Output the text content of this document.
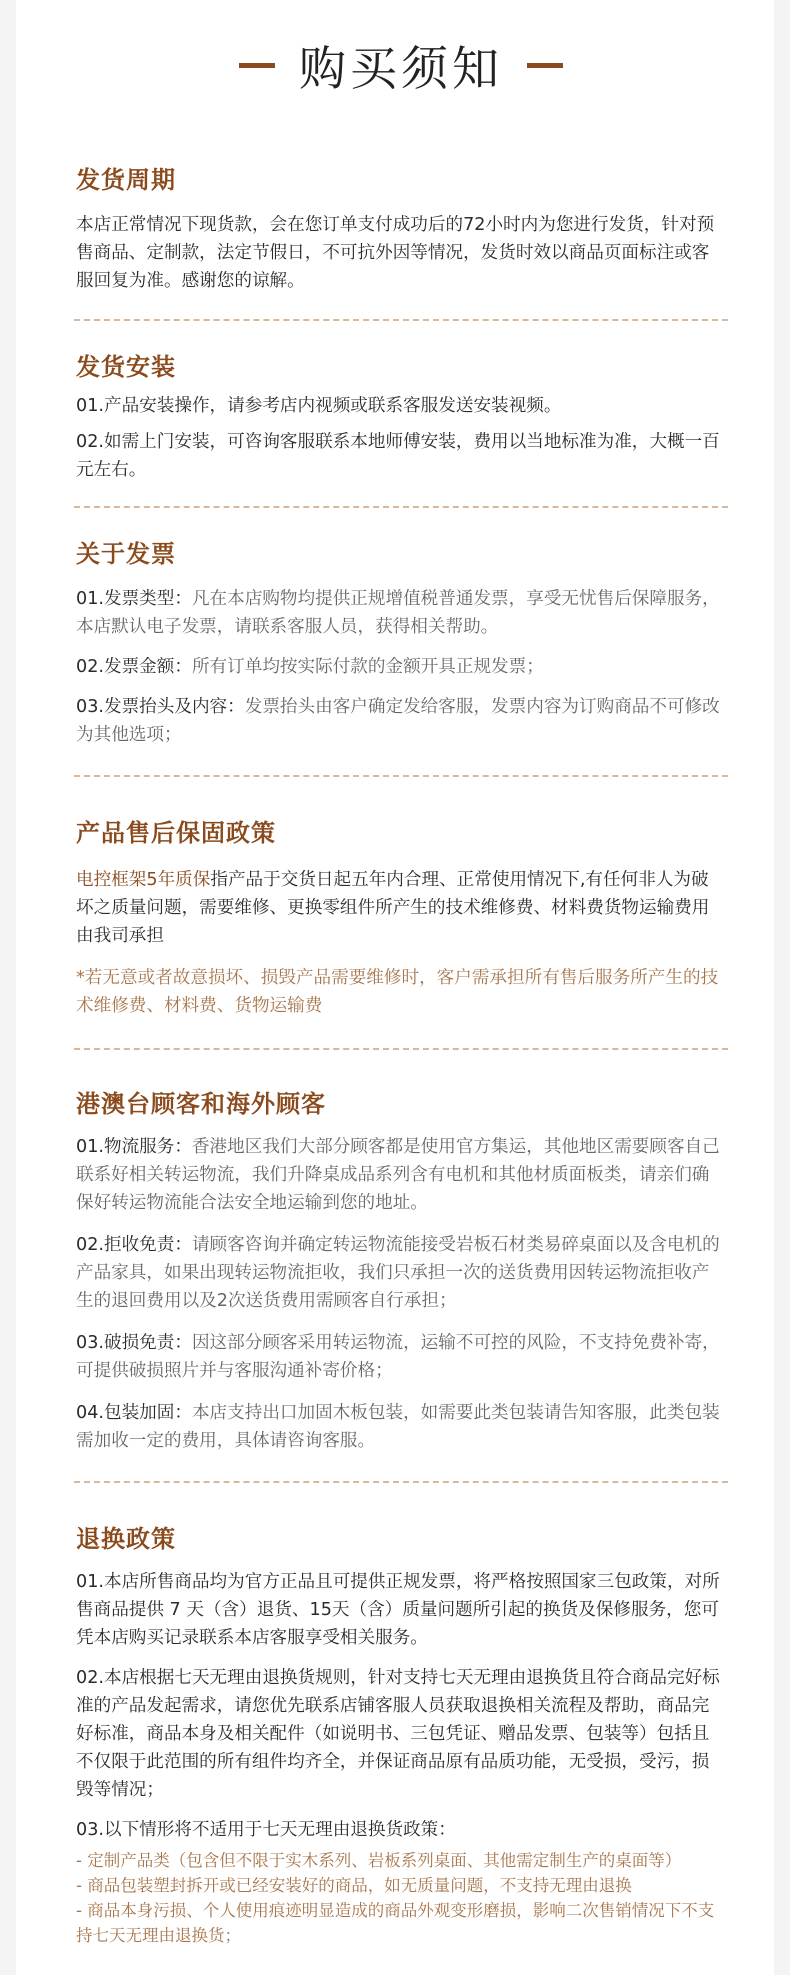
购买须知
发货周期

本店正常情况下现货款，会在您订单支付成功后的72小时内为您进行发货，针对预售商品、定制款，法定节假日，不可抗外因等情况，发货时效以商品页面标注或客服回复为准。感谢您的谅解。

发货安装

01.产品安装操作，请参考店内视频或联系客服发送安装视频。

02.如需上门安装，可咨询客服联系本地师傅安装，费用以当地标准为准，大概一百元左右。

关于发票

01.发票类型：凡在本店购物均提供正规增值税普通发票，享受无忧售后保障服务，本店默认电子发票，请联系客服人员，获得相关帮助。

02.发票金额：所有订单均按实际付款的金额开具正规发票；

03.发票抬头及内容：发票抬头由客户确定发给客服，发票内容为订购商品不可修改为其他选项；

产品售后保固政策

电控框架5年质保指产品于交货日起五年内合理、正常使用情况下,有任何非人为破坏之质量问题，需要维修、更换零组件所产生的技术维修费、材料费货物运输费用由我司承担

*若无意或者故意损坏、损毁产品需要维修时，客户需承担所有售后服务所产生的技术维修费、材料费、货物运输费

港澳台顾客和海外顾客

01.物流服务：香港地区我们大部分顾客都是使用官方集运，其他地区需要顾客自己联系好相关转运物流，我们升降桌成品系列含有电机和其他材质面板类，请亲们确保好转运物流能合法安全地运输到您的地址。

02.拒收免责：请顾客咨询并确定转运物流能接受岩板石材类易碎桌面以及含电机的产品家具，如果出现转运物流拒收，我们只承担一次的送货费用因转运物流拒收产生的退回费用以及2次送货费用需顾客自行承担；

03.破损免责：因这部分顾客采用转运物流，运输不可控的风险，不支持免费补寄，可提供破损照片并与客服沟通补寄价格；

04.包装加固：本店支持出口加固木板包装，如需要此类包装请告知客服，此类包装需加收一定的费用，具体请咨询客服。

退换政策

01.本店所售商品均为官方正品且可提供正规发票，将严格按照国家三包政策，对所售商品提供 7 天（含）退货、15天（含）质量问题所引起的换货及保修服务，您可凭本店购买记录联系本店客服享受相关服务。

02.本店根据七天无理由退换货规则，针对支持七天无理由退换货且符合商品完好标准的产品发起需求，请您优先联系店铺客服人员获取退换相关流程及帮助，商品完好标准，商品本身及相关配件（如说明书、三包凭证、赠品发票、包装等）包括且不仅限于此范围的所有组件均齐全，并保证商品原有品质功能，无受损，受污，损毁等情况；

03.以下情形将不适用于七天无理由退换货政策：

- 定制产品类（包含但不限于实木系列、岩板系列桌面、其他需定制生产的桌面等）
- 商品包装塑封拆开或已经安装好的商品，如无质量问题，不支持无理由退换
- 商品本身污损、个人使用痕迹明显造成的商品外观变形磨损，影响二次售销情况下不支持七天无理由退换货；
